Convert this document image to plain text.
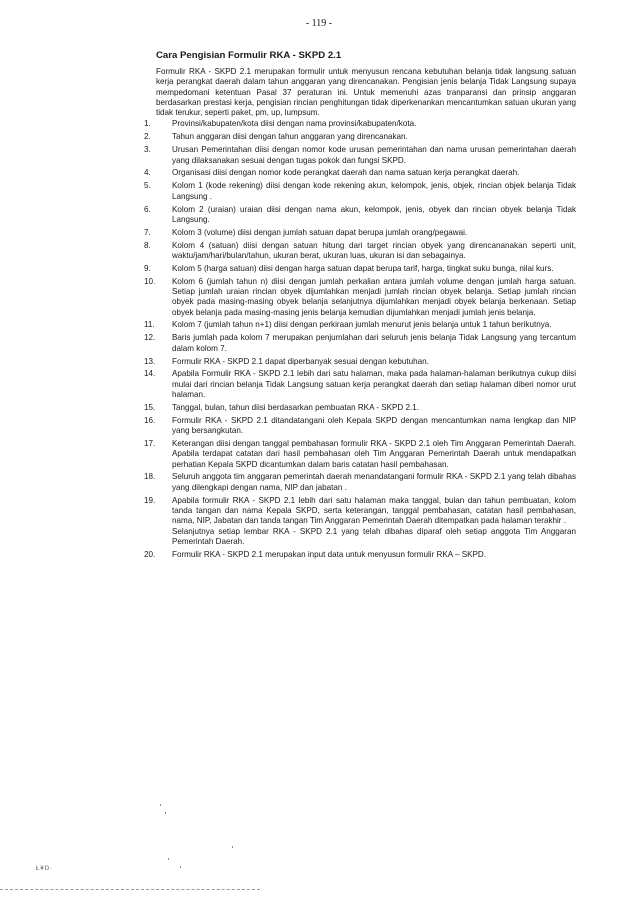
- 119 -
Cara Pengisian Formulir RKA - SKPD 2.1

Formulir RKA - SKPD 2.1 merupakan formulir untuk menyusun rencana kebutuhan belanja tidak langsung satuan kerja perangkat daerah dalam tahun anggaran yang direncanakan. Pengisian jenis belanja Tidak Langsung supaya mempedomani ketentuan Pasal 37 peraturan ini. Untuk memenuhi azas tranparansi dan prinsip anggaran berdasarkan prestasi kerja, pengisian rincian penghitungan tidak diperkenankan mencantumkan satuan ukuran yang tidak terukur, seperti paket, pm, up, lumpsum.

1.	Provinsi/kabupaten/kota diisi dengan nama provinsi/kabupaten/kota.
2.	Tahun anggaran diisi dengan tahun anggaran yang direncanakan.
3.	Urusan Pemerintahan diisi dengan nomor kode urusan pemerintahan dan nama urusan pemerintahan daerah yang dilaksanakan sesuai dengan tugas pokok dan fungsi SKPD.
4.	Organisasi diisi dengan nomor kode perangkat daerah dan nama satuan kerja perangkat daerah.
5.	Kolom 1 (kode rekening) diisi dengan kode rekening akun, kelompok, jenis, objek, rincian objek belanja Tidak Langsung .
6.	Kolom 2 (uraian) uraian diisi dengan nama akun, kelompok, jenis, obyek dan rincian obyek belanja Tidak Langsung.
7.	Kolom 3 (volume) diisi dengan jumlah satuan dapat berupa jumlah orang/pegawai.
8.	Kolom 4 (satuan) diisi dengan satuan hitung dari target rincian obyek yang direncananakan seperti unit, waktu/jam/hari/bulan/tahun, ukuran berat, ukuran luas, ukuran isi dan sebagainya.
9.	Kolom 5 (harga satuan) diisi dengan harga satuan dapat berupa tarif, harga, tingkat suku bunga, nilai kurs.
10.	Kolom 6 (jumlah tahun n) diisi dengan jumlah perkalian antara jumlah volume dengan jumlah harga satuan. Setiap jumlah uraian rincian obyek dijumlahkan menjadi jumlah rincian obyek belanja. Setiap jumlah rincian obyek pada masing-masing obyek belanja selanjutnya dijumlahkan menjadi obyek belanja berkenaan. Setiap obyek belanja pada masing-masing jenis belanja kemudian dijumlahkan menjadi jumlah jenis belanja.
11.	Kolom 7 (jumlah tahun n+1) diisi dengan perkiraan jumlah menurut jenis belanja untuk 1 tahun berikutnya.
12.	Baris jumlah pada kolom 7 merupakan penjumlahan dari seluruh jenis belanja Tidak Langsung yang tercantum dalam kolom 7.
13.	Formulir RKA - SKPD 2.1 dapat diperbanyak sesuai dengan kebutuhan.
14.	Apabila Formulir RKA - SKPD 2.1 lebih dari satu halaman, maka pada halaman-halaman berikutnya cukup diisi mulai dari rincian belanja Tidak Langsung satuan kerja perangkat daerah dan setiap halaman diberi nomor urut halaman.
15.	Tanggal, bulan, tahun diisi berdasarkan pembuatan RKA - SKPD 2.1.
16.	Formulir RKA - SKPD 2.1 ditandatangani oleh Kepala SKPD dengan mencantumkan nama lengkap dan NIP yang bersangkutan.
17.	Keterangan diisi dengan tanggal pembahasan formulir RKA - SKPD 2.1 oleh Tim Anggaran Pemerintah Daerah. Apabila terdapat catatan dari hasil pembahasan oleh Tim Anggaran Pemerintah Daerah untuk mendapatkan perhatian Kepala SKPD dicantumkan dalam baris catatan hasil pembahasan.
18.	Seluruh anggota tim anggaran pemerintah daerah menandatangani formulir RKA - SKPD 2.1 yang telah dibahas yang dilengkapi dengan nama, NIP dan jabatan .
19.	Apabila formulir RKA - SKPD 2.1 lebih dari satu halaman maka tanggal, bulan dan tahun pembuatan, kolom tanda tangan dan nama Kepala SKPD, serta keterangan, tanggal pembahasan, catatan hasil pembahasan, nama, NIP, Jabatan dan tanda tangan Tim Anggaran Pemerintah Daerah ditempatkan pada halaman terakhir .

Selanjutnya setiap lembar RKA - SKPD 2.1 yang telah dibahas diparaf oleh setiap anggota Tim Anggaran Pemerintah Daerah.

20.	Formulir RKA - SKPD 2.1 merupakan input data untuk menyusun formulir RKA – SKPD.
Ł¥Ŋ·
